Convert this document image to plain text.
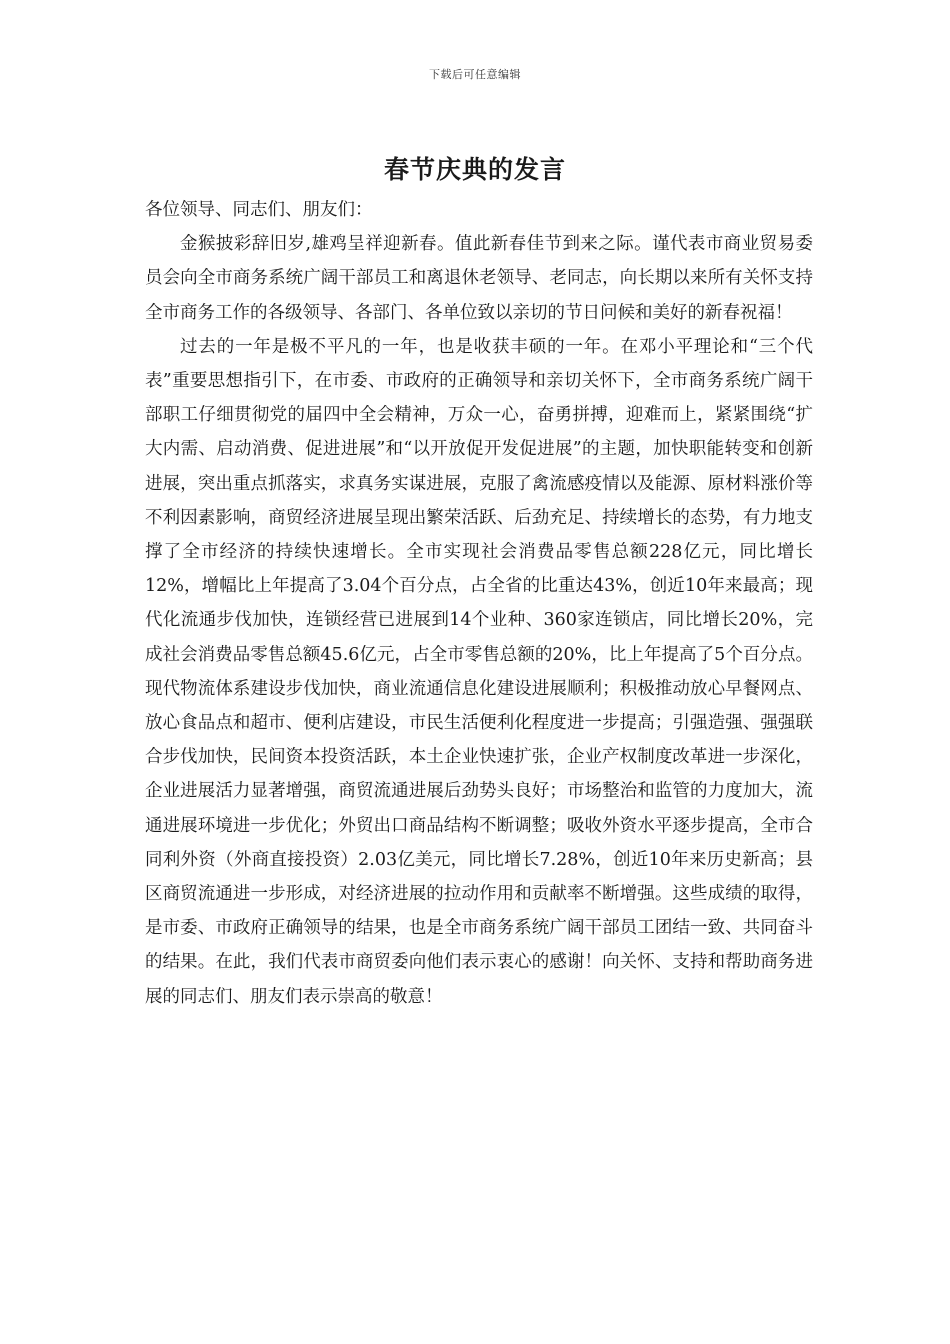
下载后可任意编辑
春节庆典的发言

各位领导、同志们、朋友们：

金猴披彩辞旧岁,雄鸡呈祥迎新春。值此新春佳节到来之际。谨代表市商业贸易委员会向全市商务系统广阔干部员工和离退休老领导、老同志，向长期以来所有关怀支持全市商务工作的各级领导、各部门、各单位致以亲切的节日问候和美好的新春祝福！

过去的一年是极不平凡的一年，也是收获丰硕的一年。在邓小平理论和“三个代表”重要思想指引下，在市委、市政府的正确领导和亲切关怀下，全市商务系统广阔干部职工仔细贯彻党的届四中全会精神，万众一心，奋勇拼搏，迎难而上，紧紧围绕“扩大内需、启动消费、促进进展”和“以开放促开发促进展”的主题，加快职能转变和创新进展，突出重点抓落实，求真务实谋进展，克服了禽流感疫情以及能源、原材料涨价等不利因素影响，商贸经济进展呈现出繁荣活跃、后劲充足、持续增长的态势，有力地支撑了全市经济的持续快速增长。全市实现社会消费品零售总额228亿元，同比增长12%，增幅比上年提高了3.04个百分点，占全省的比重达43%，创近10年来最高；现代化流通步伐加快，连锁经营已进展到14个业种、360家连锁店，同比增长20%，完成社会消费品零售总额45.6亿元，占全市零售总额的20%，比上年提高了5个百分点。现代物流体系建设步伐加快，商业流通信息化建设进展顺利；积极推动放心早餐网点、放心食品点和超市、便利店建设，市民生活便利化程度进一步提高；引强造强、强强联合步伐加快，民间资本投资活跃，本土企业快速扩张，企业产权制度改革进一步深化，企业进展活力显著增强，商贸流通进展后劲势头良好；市场整治和监管的力度加大，流通进展环境进一步优化；外贸出口商品结构不断调整；吸收外资水平逐步提高，全市合同利外资（外商直接投资）2.03亿美元，同比增长7.28%，创近10年来历史新高；县区商贸流通进一步形成，对经济进展的拉动作用和贡献率不断增强。这些成绩的取得，是市委、市政府正确领导的结果，也是全市商务系统广阔干部员工团结一致、共同奋斗的结果。在此，我们代表市商贸委向他们表示衷心的感谢！向关怀、支持和帮助商务进展的同志们、朋友们表示崇高的敬意！
